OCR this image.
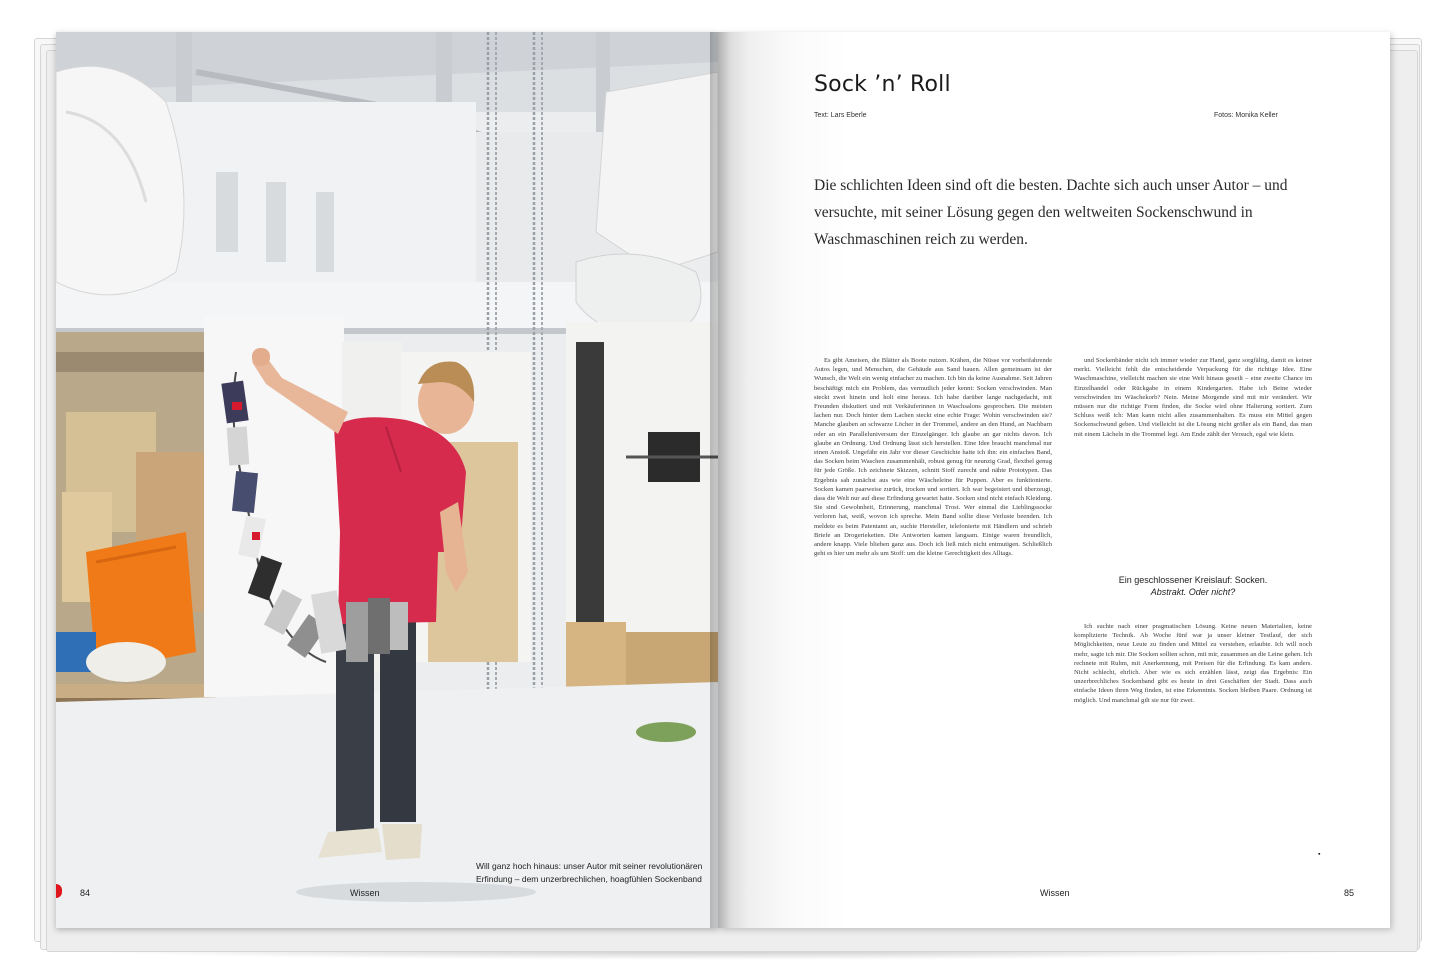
Will ganz hoch hinaus: unser Autor mit seiner revolutionären Erfindung – dem unzerbrechlichen, hoagfühlen Sockenband
84	Wissen
Sock ’n’ Roll
Text: Lars Eberle	Fotos: Monika Keller
Die schlichten Ideen sind oft die besten. Dachte sich auch unser Autor – und versuchte, mit seiner Lösung gegen den weltweiten Sockenschwund in Waschmaschinen reich zu werden.
Es gibt Ameisen, die Blätter als Boote nutzen. Krähen, die Nüsse vor vorbeifahrende Autos legen, und Menschen, die Gebäude aus Sand bauen. Allen gemeinsam ist der Wunsch, die Welt ein wenig einfacher zu machen. Ich bin da keine Ausnahme. Seit Jahren beschäftigt mich ein Problem, das vermutlich jeder kennt: Socken verschwinden. Man steckt zwei hinein und holt eine heraus. Ich habe darüber lange nachgedacht, mit Freunden diskutiert und mit Verkäuferinnen in Waschsalons gesprochen. Die meisten lachen nur. Doch hinter dem Lachen steckt eine echte Frage: Wohin verschwinden sie? Manche glauben an schwarze Löcher in der Trommel, andere an den Hund, an Nachbarn oder an ein Paralleluniversum der Einzelgänger. Ich glaube an gar nichts davon. Ich glaube an Ordnung. Und Ordnung lässt sich herstellen. Eine Idee braucht manchmal nur einen Anstoß. Ungefähr ein Jahr vor dieser Geschichte hatte ich ihn: ein einfaches Band, das Socken beim Waschen zusammenhält, robust genug für neunzig Grad, flexibel genug für jede Größe. Ich zeichnete Skizzen, schnitt Stoff zurecht und nähte Prototypen. Das Ergebnis sah zunächst aus wie eine Wäscheleine für Puppen. Aber es funktionierte. Socken kamen paarweise zurück, trocken und sortiert. Ich war begeistert und überzeugt, dass die Welt nur auf diese Erfindung gewartet hatte. Socken sind nicht einfach Kleidung. Sie sind Gewohnheit, Erinnerung, manchmal Trost. Wer einmal die Lieblingssocke verloren hat, weiß, wovon ich spreche. Mein Band sollte diese Verluste beenden. Ich meldete es beim Patentamt an, suchte Hersteller, telefonierte mit Händlern und schrieb Briefe an Drogerieketten. Die Antworten kamen langsam. Einige waren freundlich, andere knapp. Viele blieben ganz aus. Doch ich ließ mich nicht entmutigen. Schließlich geht es hier um mehr als um Stoff: um die kleine Gerechtigkeit des Alltags.
und Sockenbänder nicht ich immer wieder zur Hand, ganz sorgfältig, damit es keiner merkt. Vielleicht fehlt die entscheidende Verpackung für die richtige Idee. Eine Waschmaschine, vielleicht machen sie eine Welt hinaus geseilt – eine zweite Chance im Einzelhandel oder Rückgabe in einem Kindergarten. Habe ich Beine wieder verschwinden im Wäschekorb? Nein. Meine Morgende sind mit mir verändert. Wir müssen nur die richtige Form finden, die Socke wird ohne Halterung sortiert. Zum Schluss weiß ich: Man kann nicht alles zusammenhalten. Es muss ein Mittel gegen Sockenschwund geben. Und vielleicht ist die Lösung nicht größer als ein Band, das man mit einem Lächeln in die Trommel legt. Am Ende zählt der Versuch, egal wie klein.
Ein geschlossener Kreislauf: Socken.
Abstrakt. Oder nicht?
Ich suchte nach einer pragmatischen Lösung. Keine neuen Materialien, keine komplizierte Technik. Ab Woche fünf war ja unser kleiner Testlauf, der sich Möglichkeiten, neue Leute zu finden und Mittel zu verstehen, erlaubte. Ich will noch mehr, sagte ich mir. Die Socken sollten schon, mit mir, zusammen an die Leine gehen. Ich rechnete mit Ruhm, mit Anerkennung, mit Preisen für die Erfindung. Es kam anders. Nicht schlecht, ehrlich. Aber wie es sich erzählen lässt, zeigt das Ergebnis: Ein unzerbrechliches Sockenband gibt es heute in drei Geschäften der Stadt. Dass auch einfache Ideen ihren Weg finden, ist eine Erkenntnis. Socken bleiben Paare. Ordnung ist möglich. Und manchmal gilt sie nur für zwei.
▪
Wissen	85
